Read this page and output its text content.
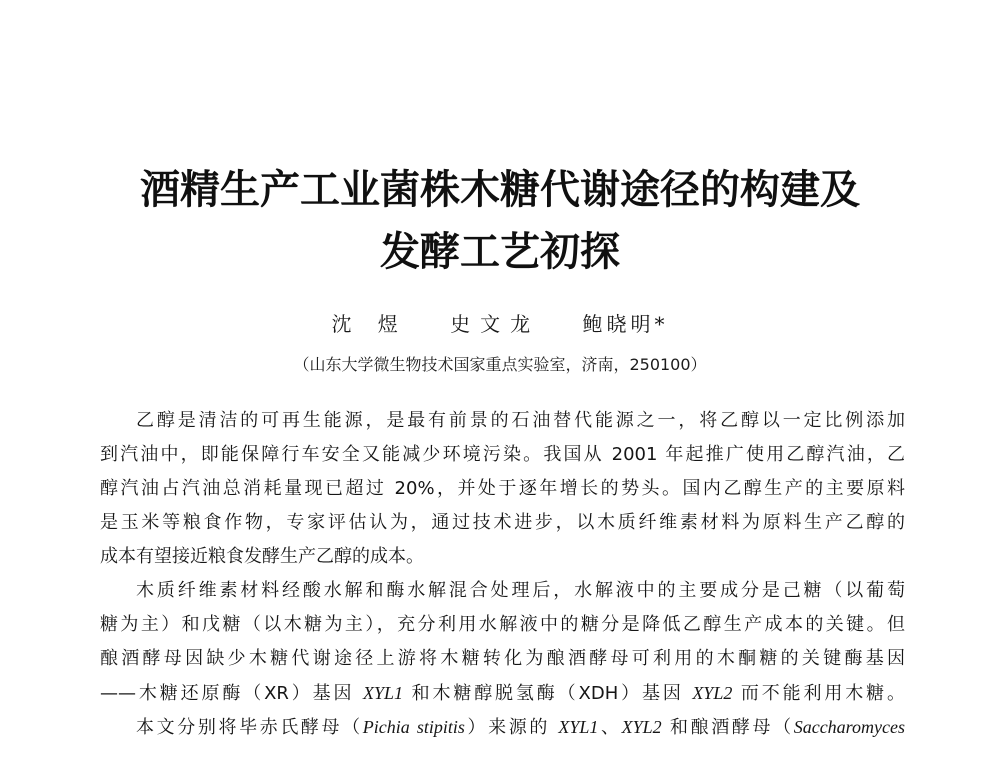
酒精生产工业菌株木糖代谢途径的构建及
发酵工艺初探
沈 煜 史文龙 鲍晓明*
（山东大学微生物技术国家重点实验室，济南，250100）
乙醇是清洁的可再生能源，是最有前景的石油替代能源之一，将乙醇以一定比例添加
到汽油中，即能保障行车安全又能减少环境污染。我国从 2001 年起推广使用乙醇汽油，乙
醇汽油占汽油总消耗量现已超过 20%，并处于逐年增长的势头。国内乙醇生产的主要原料
是玉米等粮食作物，专家评估认为，通过技术进步，以木质纤维素材料为原料生产乙醇的
成本有望接近粮食发酵生产乙醇的成本。
木质纤维素材料经酸水解和酶水解混合处理后，水解液中的主要成分是己糖（以葡萄
糖为主）和戊糖（以木糖为主），充分利用水解液中的糖分是降低乙醇生产成本的关键。但
酿酒酵母因缺少木糖代谢途径上游将木糖转化为酿酒酵母可利用的木酮糖的关键酶基因
——木糖还原酶（XR）基因 XYL1 和木糖醇脱氢酶（XDH）基因 XYL2 而不能利用木糖。
本文分别将毕赤氏酵母（Pichia stipitis）来源的 XYL1、XYL2 和酿酒酵母（Saccharomyces
